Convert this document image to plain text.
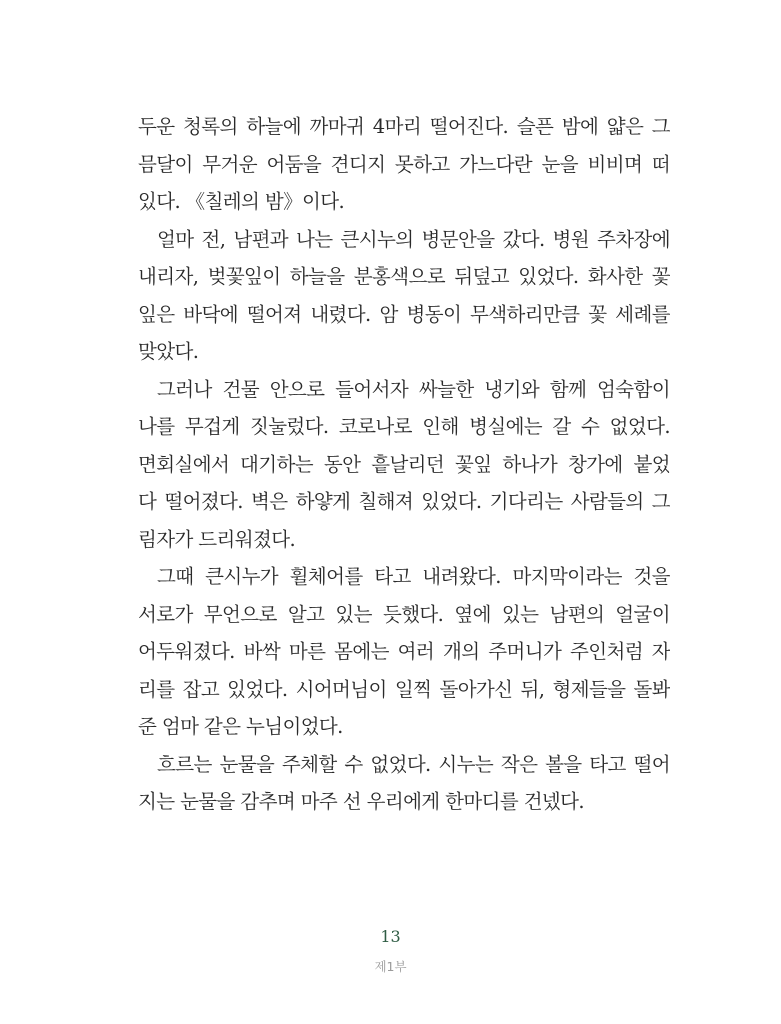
두운 청록의 하늘에 까마귀 4마리 떨어진다. 슬픈 밤에 얇은 그
믐달이 무거운 어둠을 견디지 못하고 가느다란 눈을 비비며 떠
있다. 《칠레의 밤》이다.
얼마 전, 남편과 나는 큰시누의 병문안을 갔다. 병원 주차장에
내리자, 벚꽃잎이 하늘을 분홍색으로 뒤덮고 있었다. 화사한 꽃
잎은 바닥에 떨어져 내렸다. 암 병동이 무색하리만큼 꽃 세례를
맞았다.
그러나 건물 안으로 들어서자 싸늘한 냉기와 함께 엄숙함이
나를 무겁게 짓눌렀다. 코로나로 인해 병실에는 갈 수 없었다.
면회실에서 대기하는 동안 흩날리던 꽃잎 하나가 창가에 붙었
다 떨어졌다. 벽은 하얗게 칠해져 있었다. 기다리는 사람들의 그
림자가 드리워졌다.
그때 큰시누가 휠체어를 타고 내려왔다. 마지막이라는 것을
서로가 무언으로 알고 있는 듯했다. 옆에 있는 남편의 얼굴이
어두워졌다. 바싹 마른 몸에는 여러 개의 주머니가 주인처럼 자
리를 잡고 있었다. 시어머님이 일찍 돌아가신 뒤, 형제들을 돌봐
준 엄마 같은 누님이었다.
흐르는 눈물을 주체할 수 없었다. 시누는 작은 볼을 타고 떨어
지는 눈물을 감추며 마주 선 우리에게 한마디를 건넸다.
13
제1부
